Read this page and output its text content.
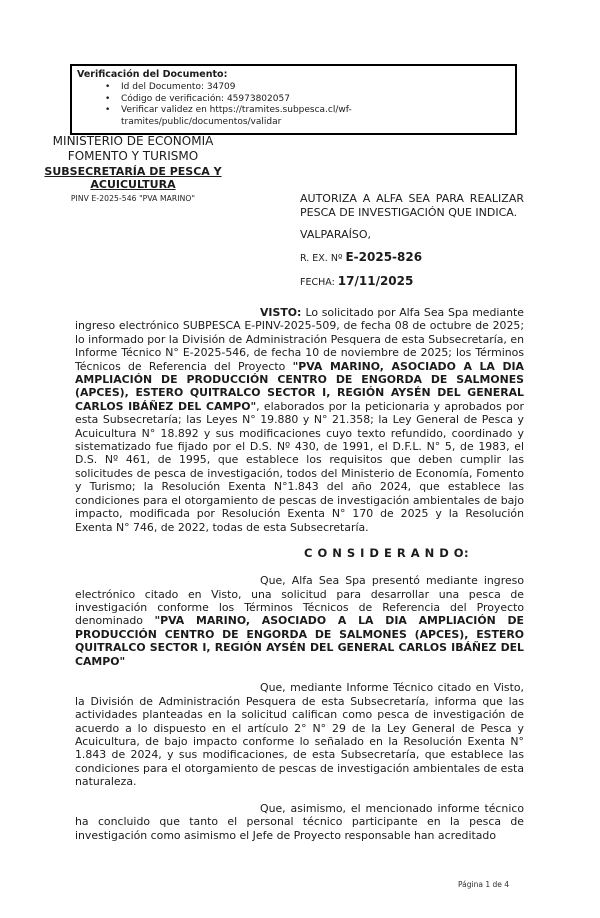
Verificación del Documento:
• Id del Documento: 34709
• Código de verificación: 45973802057
• Verificar validez en https://tramites.subpesca.cl/wf-tramites/public/documentos/validar
MINISTERIO DE ECONOMIA
FOMENTO Y TURISMO
SUBSECRETARÍA DE PESCA Y
ACUICULTURA
PINV E-2025-546 "PVA MARINO"	AUTORIZA A ALFA SEA PARA REALIZAR PESCA DE INVESTIGACIÓN QUE INDICA.
VALPARAÍSO,
R. EX. Nº E-2025-826
FECHA: 17/11/2025

VISTO: Lo solicitado por Alfa Sea Spa mediante ingreso electrónico SUBPESCA E-PINV-2025-509, de fecha 08 de octubre de 2025; lo informado por la División de Administración Pesquera de esta Subsecretaría, en Informe Técnico N° E-2025-546, de fecha 10 de noviembre de 2025; los Términos Técnicos de Referencia del Proyecto "PVA MARINO, ASOCIADO A LA DIA AMPLIACIÓN DE PRODUCCIÓN CENTRO DE ENGORDA DE SALMONES (APCES), ESTERO QUITRALCO SECTOR I, REGIÓN AYSÉN DEL GENERAL CARLOS IBÁÑEZ DEL CAMPO", elaborados por la peticionaria y aprobados por esta Subsecretaría; las Leyes N° 19.880 y N° 21.358; la Ley General de Pesca y Acuicultura N° 18.892 y sus modificaciones cuyo texto refundido, coordinado y sistematizado fue fijado por el D.S. Nº 430, de 1991, el D.F.L. N° 5, de 1983, el D.S. Nº 461, de 1995, que establece los requisitos que deben cumplir las solicitudes de pesca de investigación, todos del Ministerio de Economía, Fomento y Turismo; la Resolución Exenta N°1.843 del año 2024, que establece las condiciones para el otorgamiento de pescas de investigación ambientales de bajo impacto, modificada por Resolución Exenta N° 170 de 2025 y la Resolución Exenta N° 746, de 2022, todas de esta Subsecretaría.

C O N S I D E R A N D O:

Que, Alfa Sea Spa presentó mediante ingreso electrónico citado en Visto, una solicitud para desarrollar una pesca de investigación conforme los Términos Técnicos de Referencia del Proyecto denominado "PVA MARINO, ASOCIADO A LA DIA AMPLIACIÓN DE PRODUCCIÓN CENTRO DE ENGORDA DE SALMONES (APCES), ESTERO QUITRALCO SECTOR I, REGIÓN AYSÉN DEL GENERAL CARLOS IBÁÑEZ DEL CAMPO"

Que, mediante Informe Técnico citado en Visto, la División de Administración Pesquera de esta Subsecretaría, informa que las actividades planteadas en la solicitud califican como pesca de investigación de acuerdo a lo dispuesto en el artículo 2° N° 29 de la Ley General de Pesca y Acuicultura, de bajo impacto conforme lo señalado en la Resolución Exenta N° 1.843 de 2024, y sus modificaciones, de esta Subsecretaría, que establece las condiciones para el otorgamiento de pescas de investigación ambientales de esta naturaleza.

Que, asimismo, el mencionado informe técnico ha concluido que tanto el personal técnico participante en la pesca de investigación como asimismo el Jefe de Proyecto responsable han acreditado

Página 1 de 4
